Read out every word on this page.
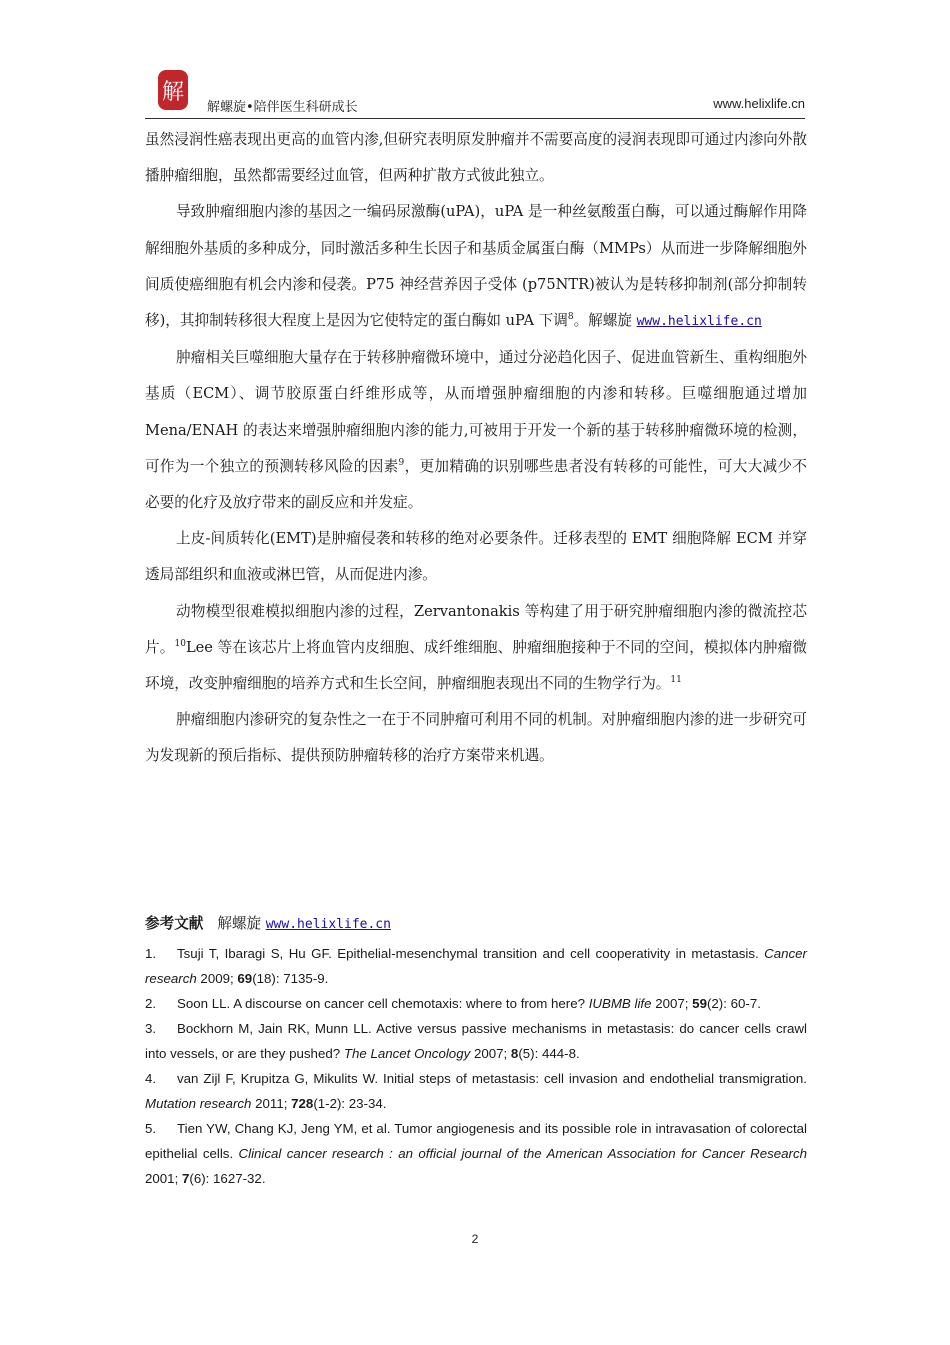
解
解螺旋•陪伴医生科研成长	www.helixlife.cn

虽然浸润性癌表现出更高的血管内渗,但研究表明原发肿瘤并不需要高度的浸润表现即可通过内渗向外散播肿瘤细胞，虽然都需要经过血管，但两种扩散方式彼此独立。

导致肿瘤细胞内渗的基因之一编码尿激酶(uPA)，uPA 是一种丝氨酸蛋白酶，可以通过酶解作用降解细胞外基质的多种成分，同时激活多种生长因子和基质金属蛋白酶（MMPs）从而进一步降解细胞外间质使癌细胞有机会内渗和侵袭。P75 神经营养因子受体 (p75NTR)被认为是转移抑制剂(部分抑制转移)，其抑制转移很大程度上是因为它使特定的蛋白酶如 uPA 下调$^8$。解螺旋 www.helixlife.cn

肿瘤相关巨噬细胞大量存在于转移肿瘤微环境中，通过分泌趋化因子、促进血管新生、重构细胞外基质（ECM）、调节胶原蛋白纤维形成等，从而增强肿瘤细胞的内渗和转移。巨噬细胞通过增加 Mena/ENAH 的表达来增强肿瘤细胞内渗的能力,可被用于开发一个新的基于转移肿瘤微环境的检测，可作为一个独立的预测转移风险的因素$^9$，更加精确的识别哪些患者没有转移的可能性，可大大减少不必要的化疗及放疗带来的副反应和并发症。

上皮-间质转化(EMT)是肿瘤侵袭和转移的绝对必要条件。迁移表型的 EMT 细胞降解 ECM 并穿透局部组织和血液或淋巴管，从而促进内渗。

动物模型很难模拟细胞内渗的过程，Zervantonakis 等构建了用于研究肿瘤细胞内渗的微流控芯片。$^{10}$Lee 等在该芯片上将血管内皮细胞、成纤维细胞、肿瘤细胞接种于不同的空间，模拟体内肿瘤微环境，改变肿瘤细胞的培养方式和生长空间，肿瘤细胞表现出不同的生物学行为。$^{11}$

肿瘤细胞内渗研究的复杂性之一在于不同肿瘤可利用不同的机制。对肿瘤细胞内渗的进一步研究可为发现新的预后指标、提供预防肿瘤转移的治疗方案带来机遇。

参考文献 解螺旋 www.helixlife.cn

1. Tsuji T, Ibaragi S, Hu GF. Epithelial-mesenchymal transition and cell cooperativity in metastasis. Cancer research 2009; 69(18): 7135-9.

2. Soon LL. A discourse on cancer cell chemotaxis: where to from here? IUBMB life 2007; 59(2): 60-7.

3. Bockhorn M, Jain RK, Munn LL. Active versus passive mechanisms in metastasis: do cancer cells crawl into vessels, or are they pushed? The Lancet Oncology 2007; 8(5): 444-8.

4. van Zijl F, Krupitza G, Mikulits W. Initial steps of metastasis: cell invasion and endothelial transmigration. Mutation research 2011; 728(1-2): 23-34.

5. Tien YW, Chang KJ, Jeng YM, et al. Tumor angiogenesis and its possible role in intravasation of colorectal epithelial cells. Clinical cancer research : an official journal of the American Association for Cancer Research 2001; 7(6): 1627-32.

2
